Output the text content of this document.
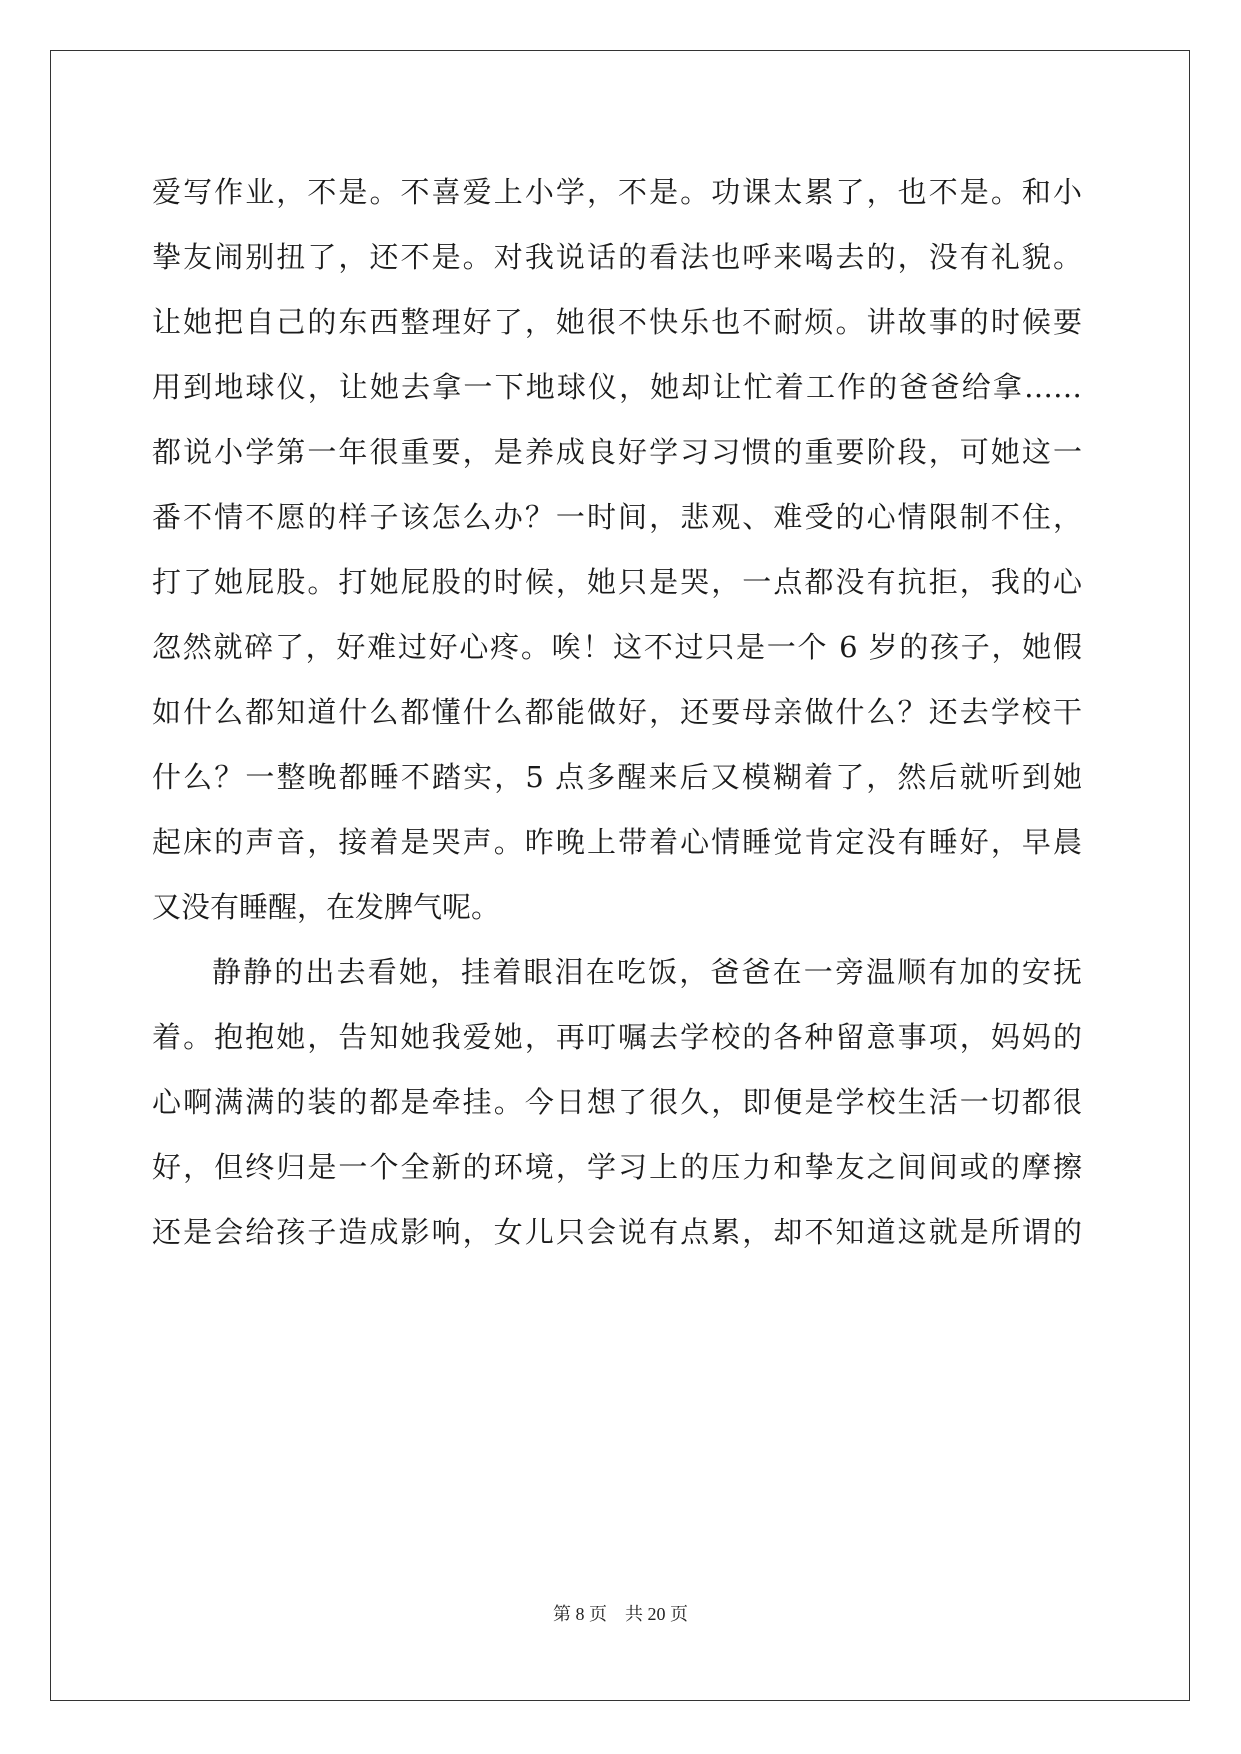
爱写作业，不是。不喜爱上小学，不是。功课太累了，也不是。和小
挚友闹别扭了，还不是。对我说话的看法也呼来喝去的，没有礼貌。
让她把自己的东西整理好了，她很不快乐也不耐烦。讲故事的时候要
用到地球仪，让她去拿一下地球仪，她却让忙着工作的爸爸给拿……
都说小学第一年很重要，是养成良好学习习惯的重要阶段，可她这一
番不情不愿的样子该怎么办？一时间，悲观、难受的心情限制不住，
打了她屁股。打她屁股的时候，她只是哭，一点都没有抗拒，我的心
忽然就碎了，好难过好心疼。唉！这不过只是一个 6 岁的孩子，她假
如什么都知道什么都懂什么都能做好，还要母亲做什么？还去学校干
什么？一整晚都睡不踏实，5 点多醒来后又模糊着了，然后就听到她
起床的声音，接着是哭声。昨晚上带着心情睡觉肯定没有睡好，早晨
又没有睡醒，在发脾气呢。
静静的出去看她，挂着眼泪在吃饭，爸爸在一旁温顺有加的安抚
着。抱抱她，告知她我爱她，再叮嘱去学校的各种留意事项，妈妈的
心啊满满的装的都是牵挂。今日想了很久，即便是学校生活一切都很
好，但终归是一个全新的环境，学习上的压力和挚友之间间或的摩擦
还是会给孩子造成影响，女儿只会说有点累，却不知道这就是所谓的
第 8 页 共 20 页
